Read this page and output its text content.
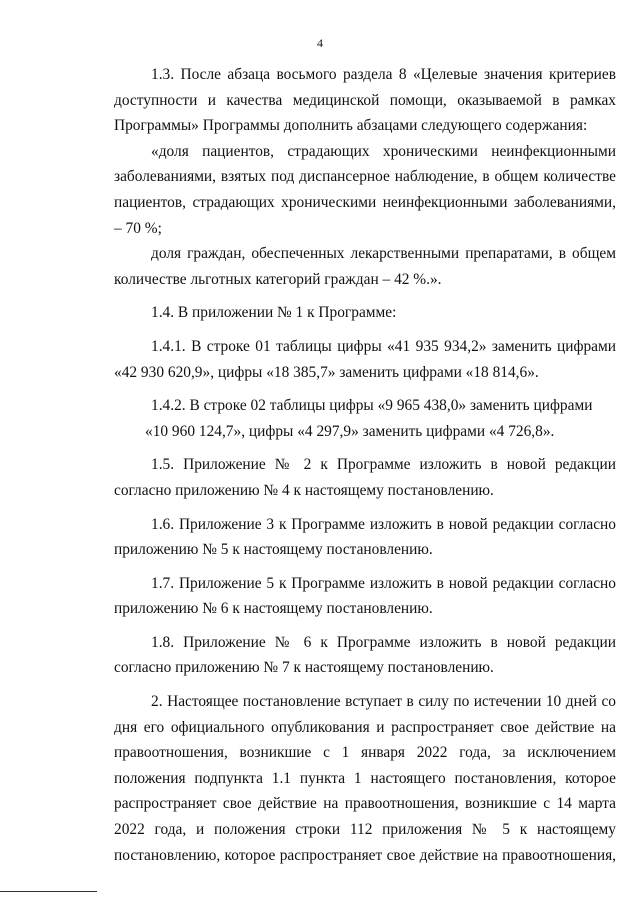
4

1.3. После абзаца восьмого раздела 8 «Целевые значения критериев доступности и качества медицинской помощи, оказываемой в рамках Программы» Программы дополнить абзацами следующего содержания:

«доля пациентов, страдающих хроническими неинфекционными заболеваниями, взятых под диспансерное наблюдение, в общем количестве пациентов, страдающих хроническими неинфекционными заболеваниями, – 70 %;

доля граждан, обеспеченных лекарственными препаратами, в общем количестве льготных категорий граждан – 42 %.».

1.4. В приложении № 1 к Программе:

1.4.1. В строке 01 таблицы цифры «41 935 934,2» заменить цифрами «42 930 620,9», цифры «18 385,7» заменить цифрами «18 814,6».

1.4.2. В строке 02 таблицы цифры «9 965 438,0» заменить цифрами

«10 960 124,7», цифры «4 297,9» заменить цифрами «4 726,8».

1.5. Приложение № 2 к Программе изложить в новой редакции согласно приложению № 4 к настоящему постановлению.

1.6. Приложение 3 к Программе изложить в новой редакции согласно приложению № 5 к настоящему постановлению.

1.7. Приложение 5 к Программе изложить в новой редакции согласно приложению № 6 к настоящему постановлению.

1.8. Приложение № 6 к Программе изложить в новой редакции согласно приложению № 7 к настоящему постановлению.

2. Настоящее постановление вступает в силу по истечении 10 дней со дня его официального опубликования и распространяет свое действие на правоотношения, возникшие с 1 января 2022 года, за исключением положения подпункта 1.1 пункта 1 настоящего постановления, которое распространяет свое действие на правоотношения, возникшие с 14 марта 2022 года, и положения строки 112 приложения № 5 к настоящему постановлению, которое распространяет свое действие на правоотношения,
